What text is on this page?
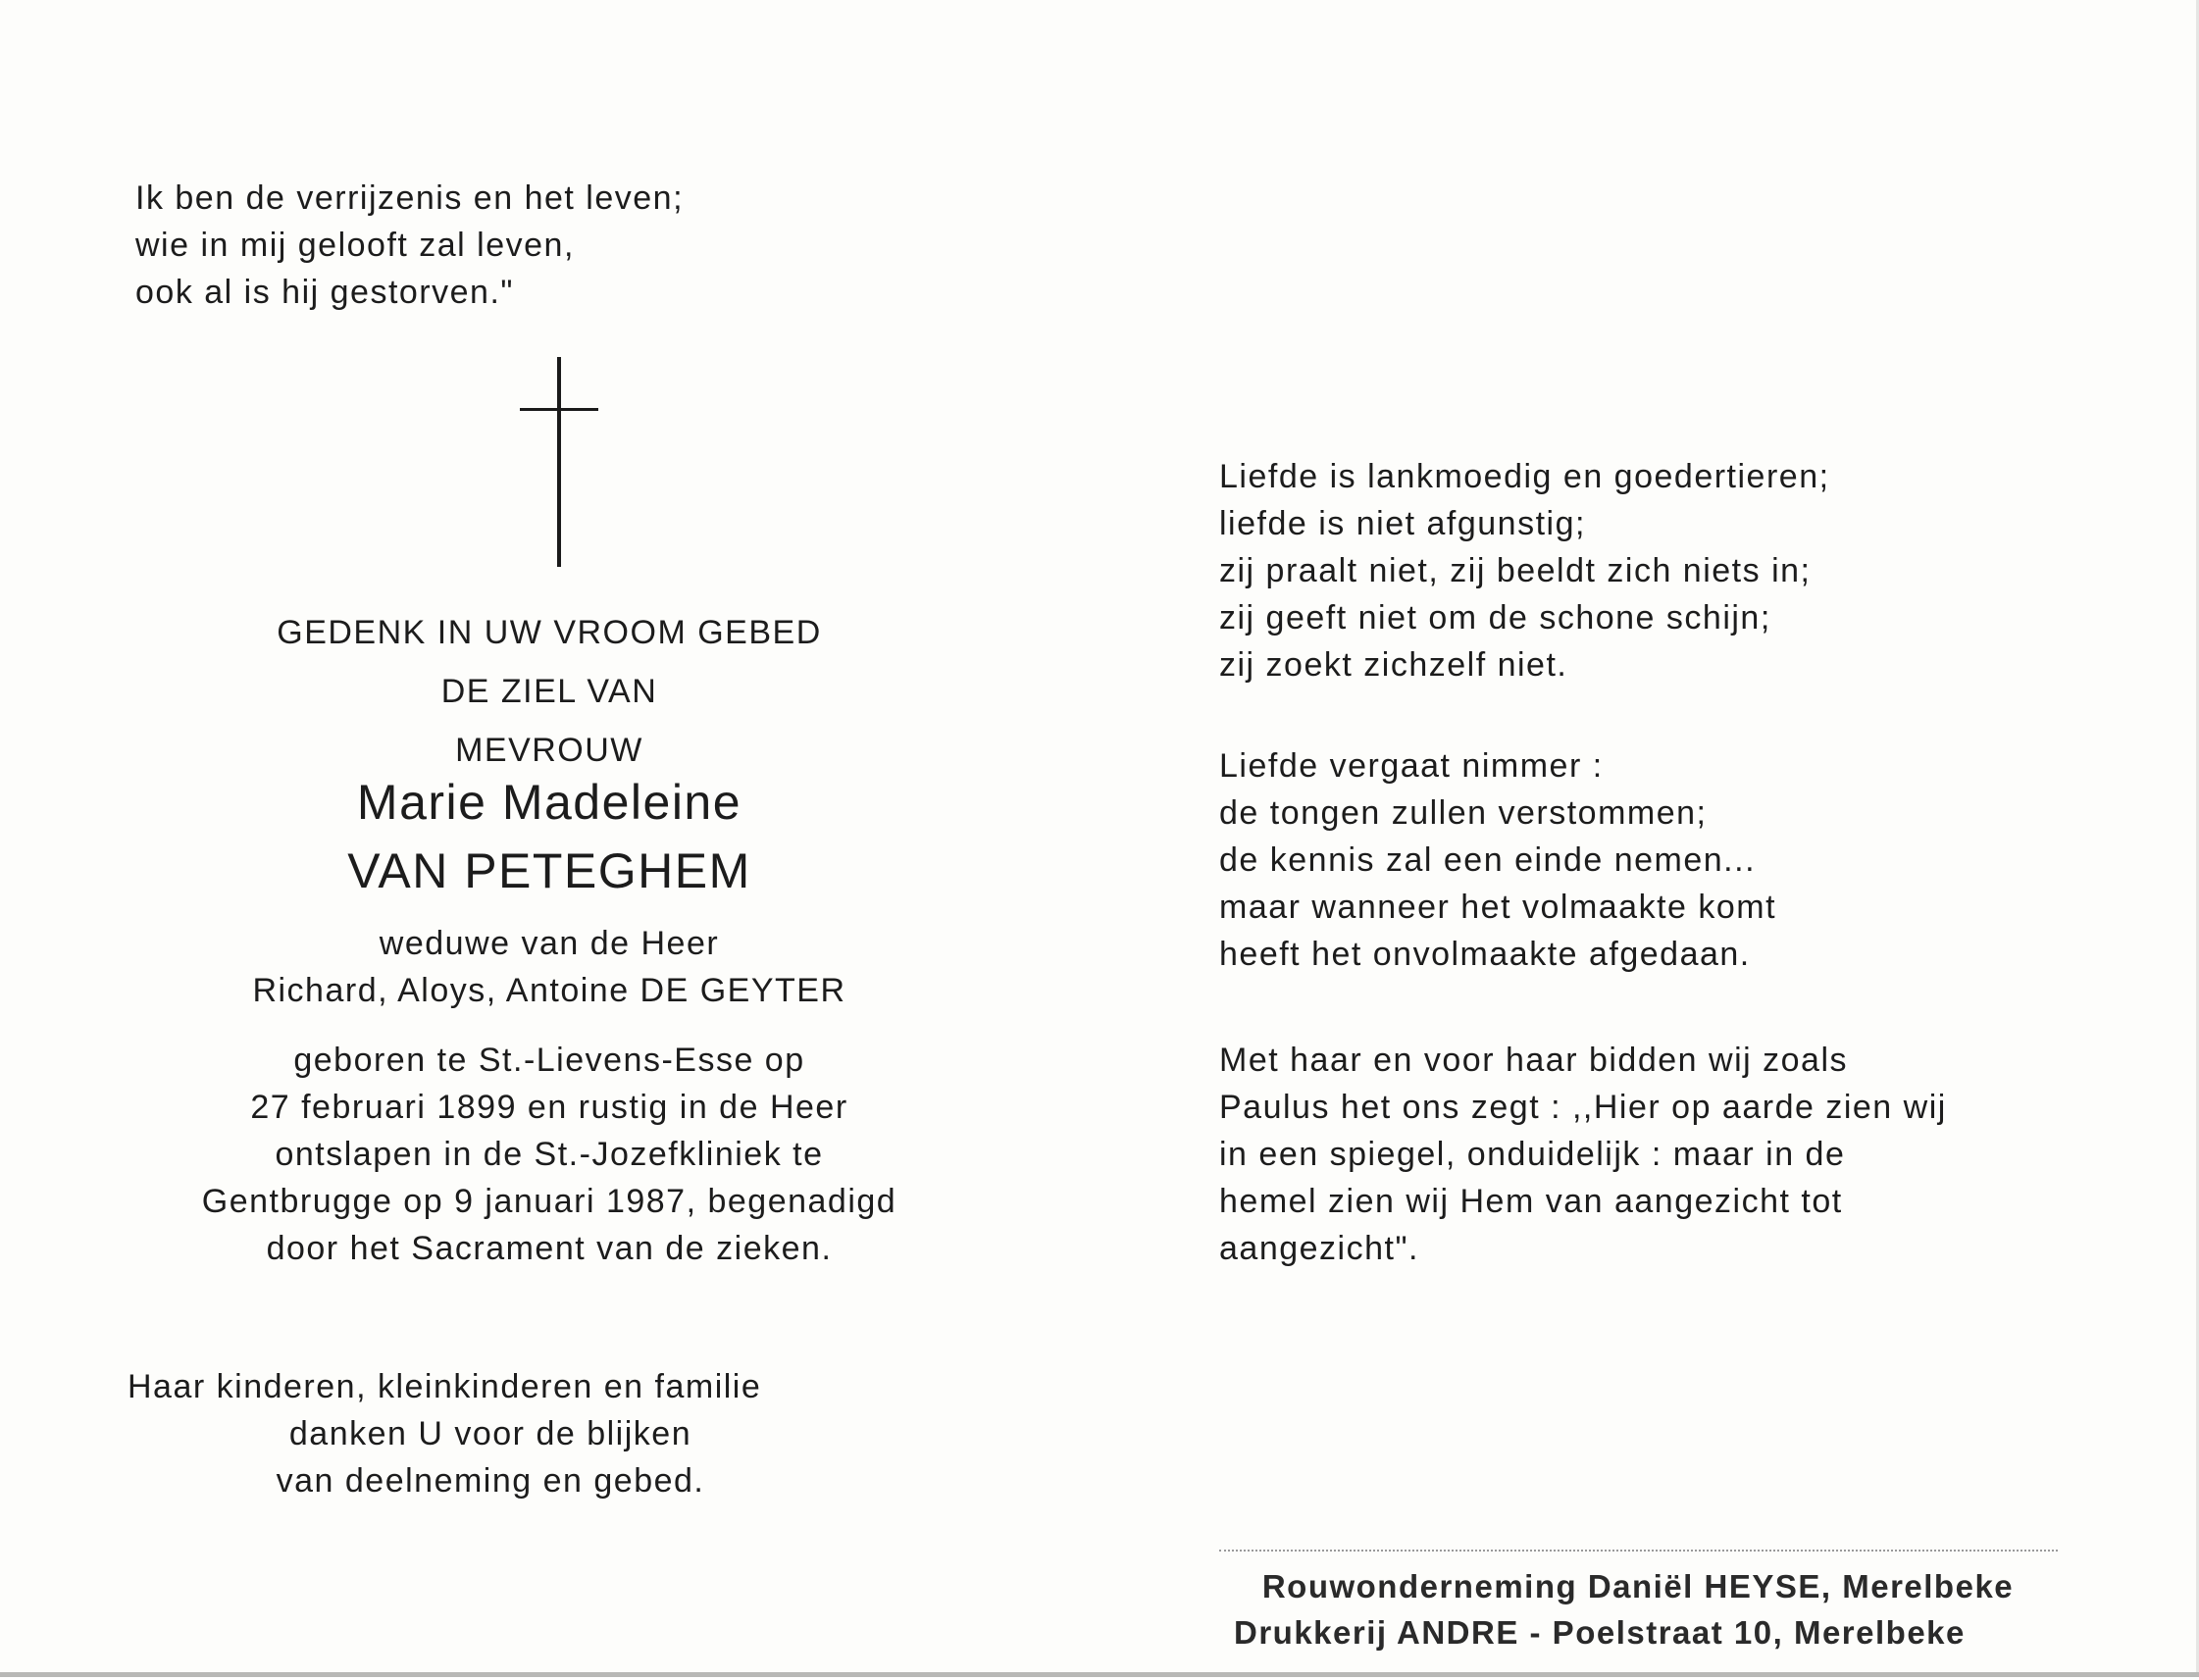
Ik ben de verrijzenis en het leven;
wie in mij gelooft zal leven,
ook al is hij gestorven."
GEDENK IN UW VROOM GEBED
DE ZIEL VAN
MEVROUW
Marie Madeleine
VAN PETEGHEM
weduwe van de Heer
Richard, Aloys, Antoine DE GEYTER
geboren te St.-Lievens-Esse op
27 februari 1899 en rustig in de Heer
ontslapen in de St.-Jozefkliniek te
Gentbrugge op 9 januari 1987, begenadigd
door het Sacrament van de zieken.
Haar kinderen, kleinkinderen en familie
danken U voor de blijken
van deelneming en gebed.
Liefde is lankmoedig en goedertieren;
liefde is niet afgunstig;
zij praalt niet, zij beeldt zich niets in;
zij geeft niet om de schone schijn;
zij zoekt zichzelf niet.
Liefde vergaat nimmer :
de tongen zullen verstommen;
de kennis zal een einde nemen...
maar wanneer het volmaakte komt
heeft het onvolmaakte afgedaan.
Met haar en voor haar bidden wij zoals
Paulus het ons zegt : ,,Hier op aarde zien wij
in een spiegel, onduidelijk : maar in de
hemel zien wij Hem van aangezicht tot
aangezicht".
Rouwonderneming Daniël HEYSE, Merelbeke
Drukkerij ANDRE - Poelstraat 10, Merelbeke
